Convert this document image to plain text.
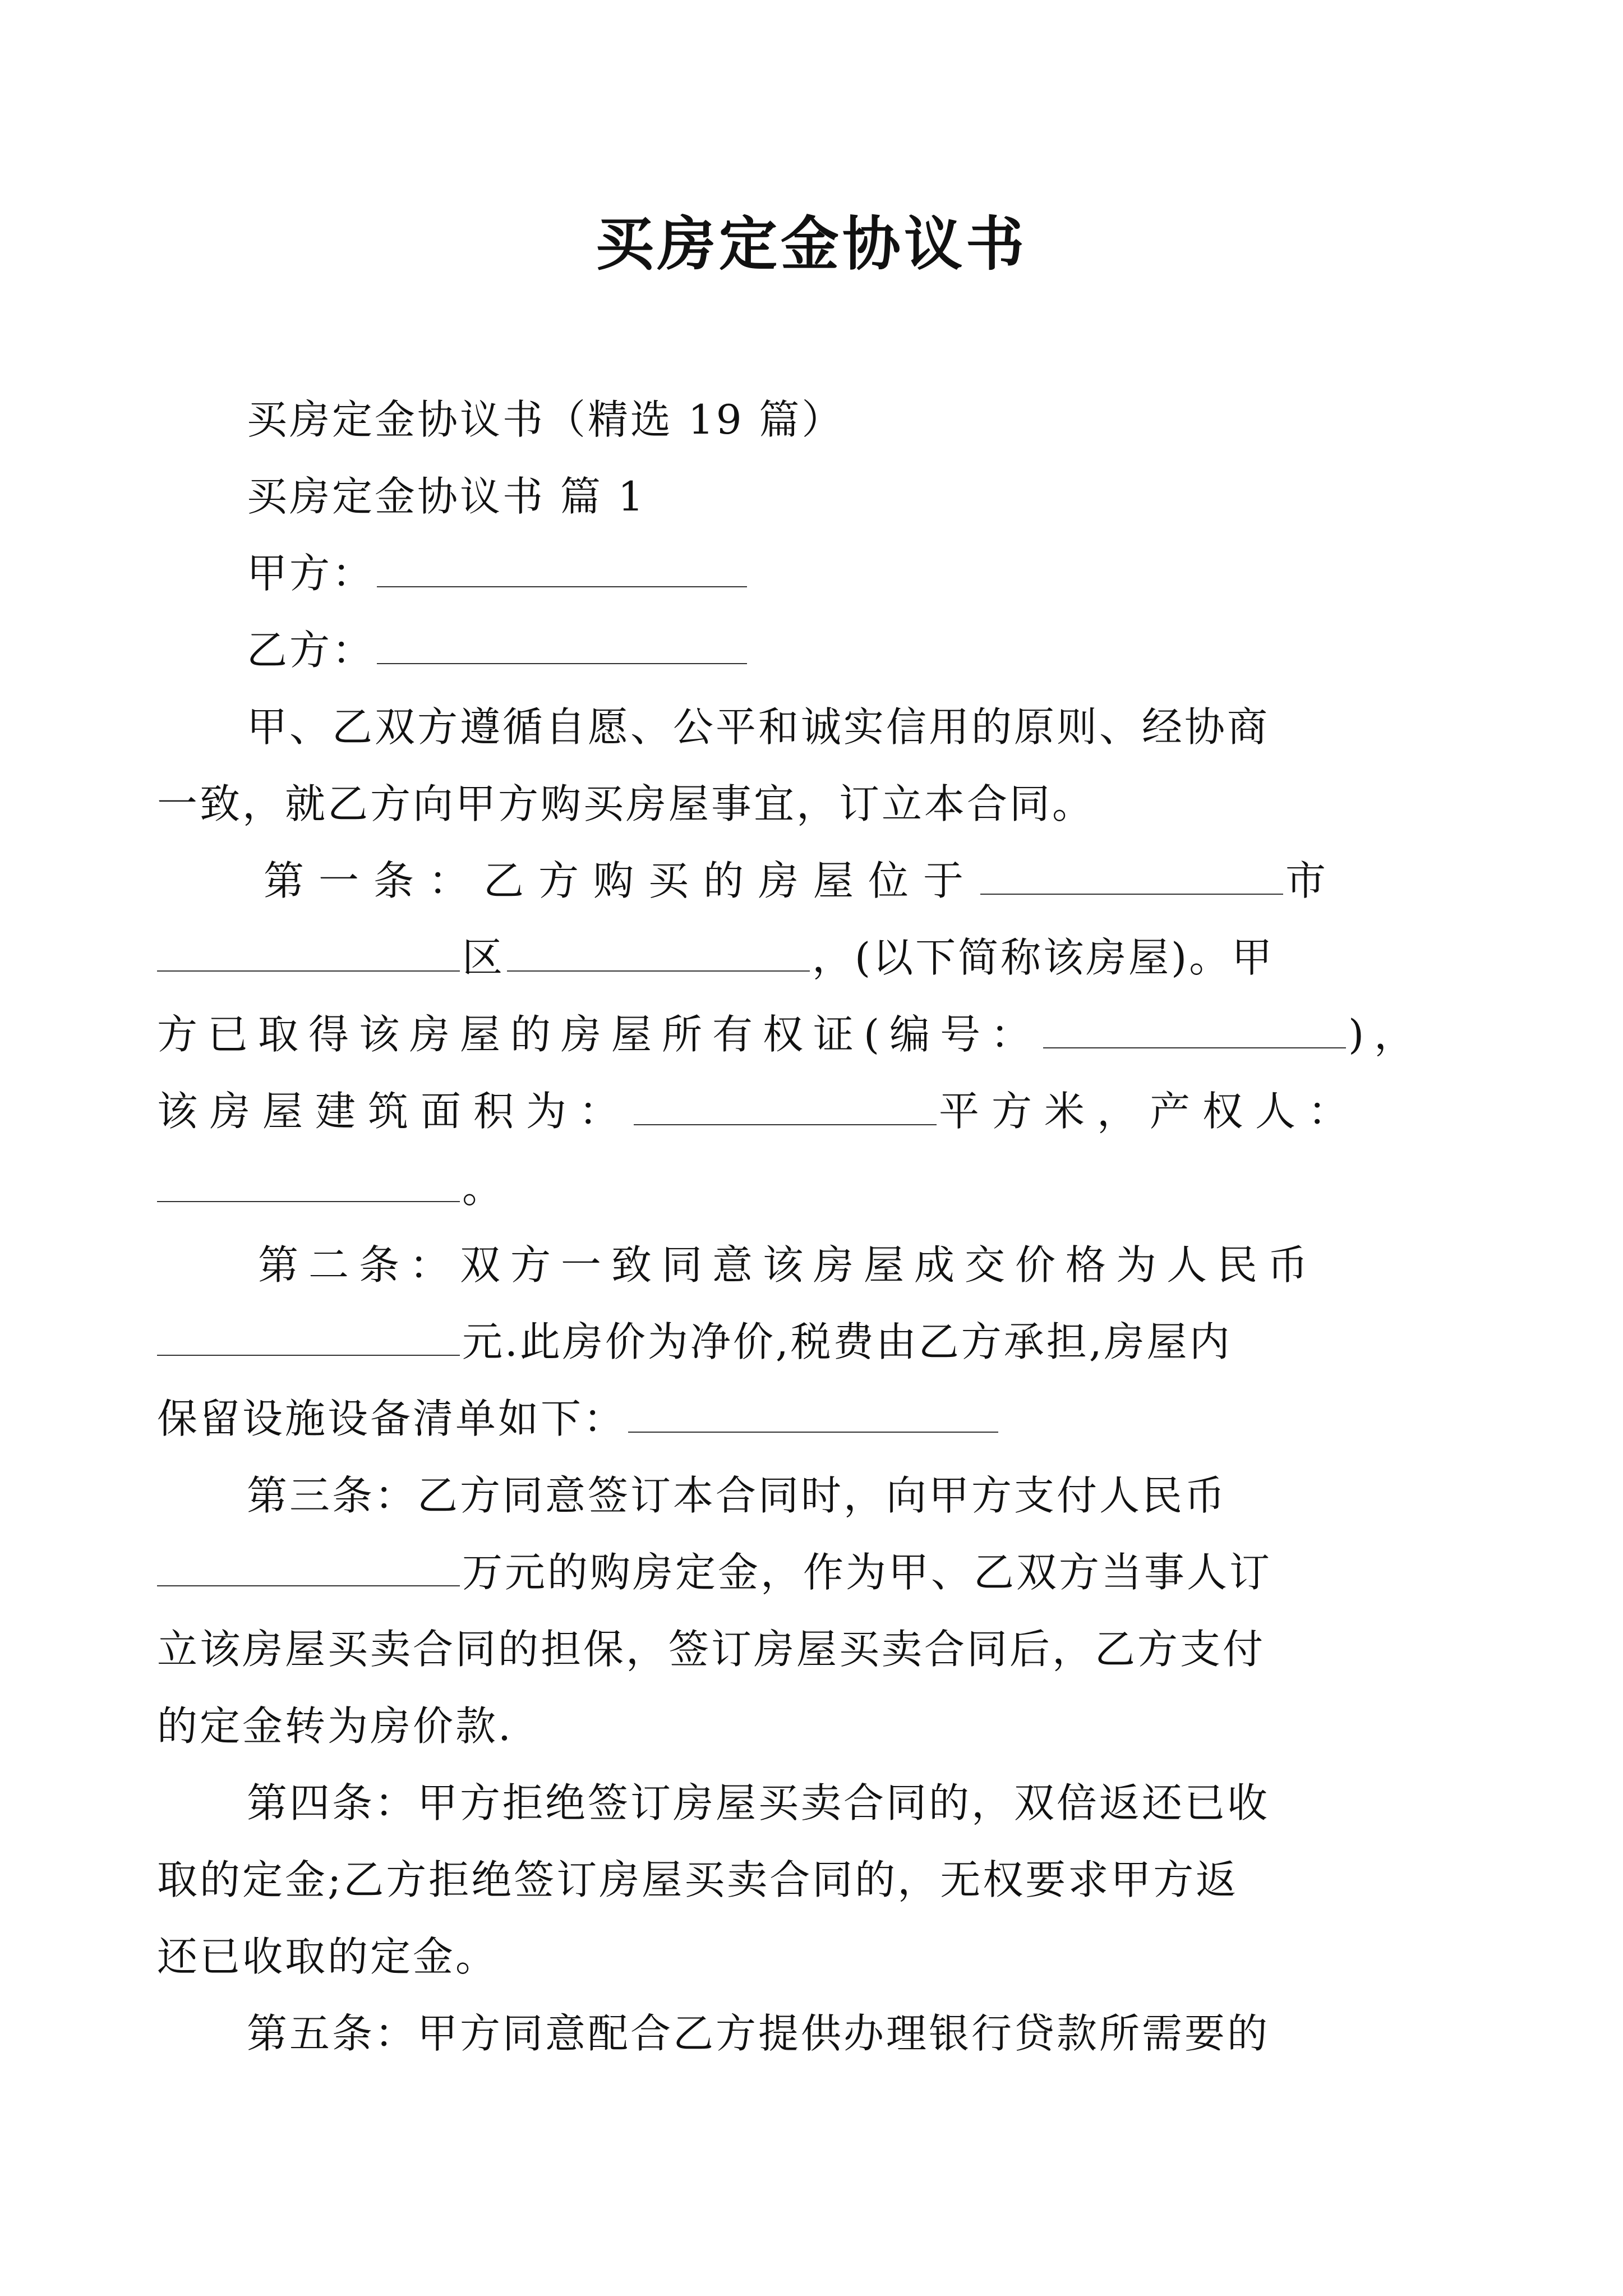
买房定金协议书
买房定金协议书（精选 19 篇）
买房定金协议书 篇 1
甲方：
乙方：
甲、乙双方遵循自愿、公平和诚实信用的原则、经协商
一致，就乙方向甲方购买房屋事宜，订立本合同。
第一条：乙方购买的房屋位于	市
区	，(以下简称该房屋)。甲
方已取得该房屋的房屋所有权证(编号：	)，
该房屋建筑面积为：	平方米，产权人：
。
第二条：双方一致同意该房屋成交价格为人民币
元.此房价为净价,税费由乙方承担,房屋内
保留设施设备清单如下：
第三条：乙方同意签订本合同时，向甲方支付人民币
万元的购房定金，作为甲、乙双方当事人订
立该房屋买卖合同的担保，签订房屋买卖合同后，乙方支付
的定金转为房价款.
第四条：甲方拒绝签订房屋买卖合同的，双倍返还已收
取的定金;乙方拒绝签订房屋买卖合同的，无权要求甲方返
还已收取的定金。
第五条：甲方同意配合乙方提供办理银行贷款所需要的
